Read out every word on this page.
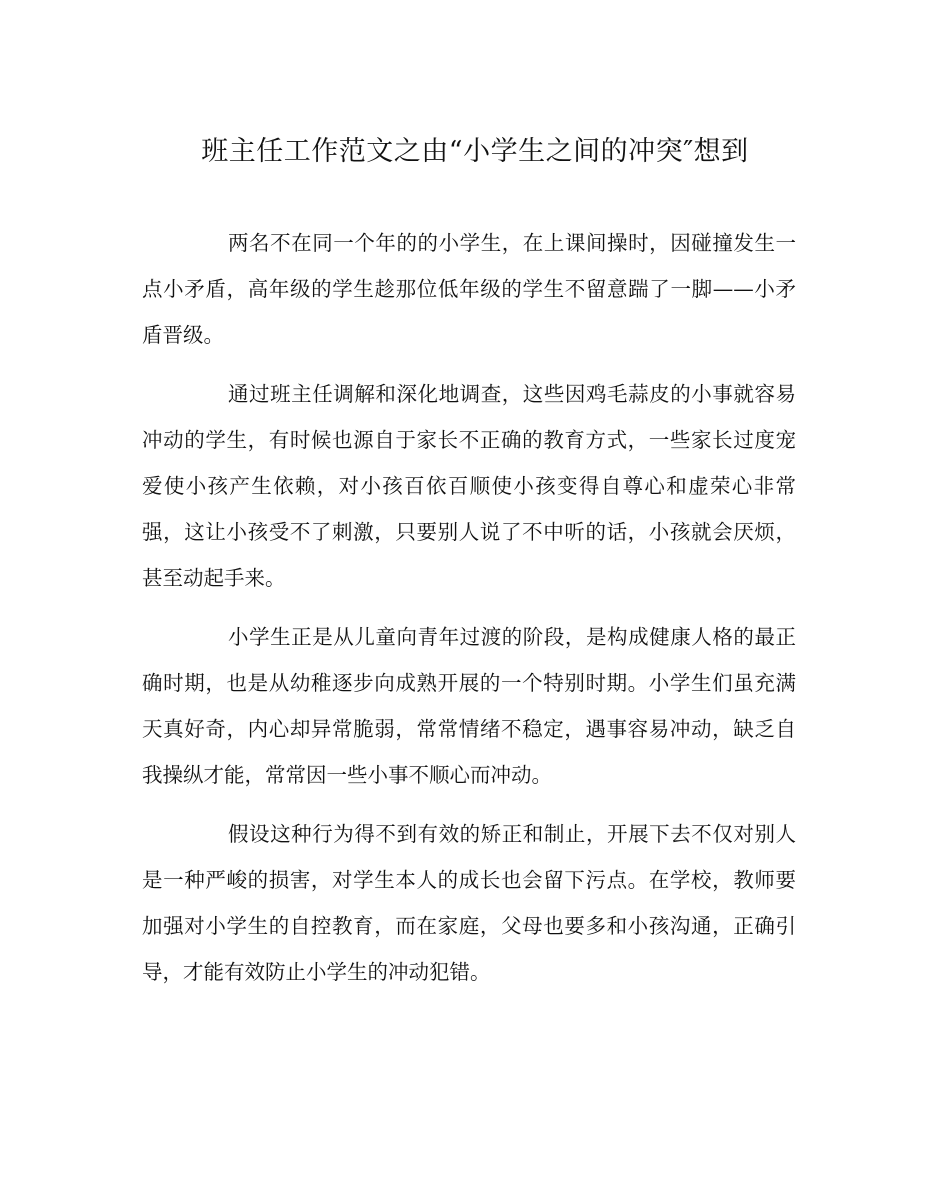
班主任工作范文之由“小学生之间的冲突″想到

两名不在同一个年的的小学生，在上课间操时，因碰撞发生一点小矛盾，高年级的学生趁那位低年级的学生不留意踹了一脚——小矛盾晋级。

通过班主任调解和深化地调查，这些因鸡毛蒜皮的小事就容易冲动的学生，有时候也源自于家长不正确的教育方式，一些家长过度宠爱使小孩产生依赖，对小孩百依百顺使小孩变得自尊心和虚荣心非常强，这让小孩受不了刺激，只要别人说了不中听的话，小孩就会厌烦，甚至动起手来。

小学生正是从儿童向青年过渡的阶段，是构成健康人格的最正确时期，也是从幼稚逐步向成熟开展的一个特别时期。小学生们虽充满天真好奇，内心却异常脆弱，常常情绪不稳定，遇事容易冲动，缺乏自我操纵才能，常常因一些小事不顺心而冲动。

假设这种行为得不到有效的矫正和制止，开展下去不仅对别人是一种严峻的损害，对学生本人的成长也会留下污点。在学校，教师要加强对小学生的自控教育，而在家庭，父母也要多和小孩沟通，正确引导，才能有效防止小学生的冲动犯错。
